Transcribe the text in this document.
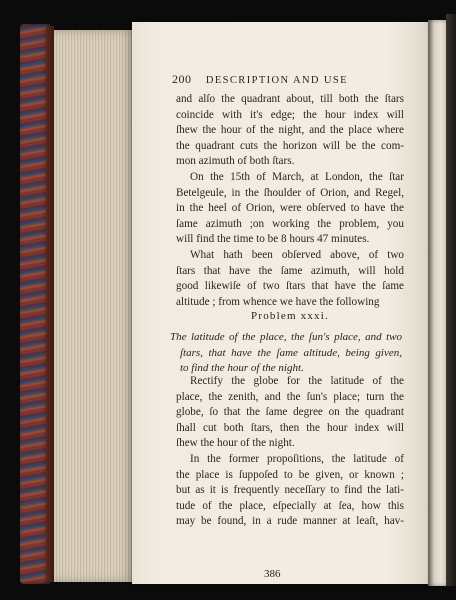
200 DESCRIPTION AND USE
and alſo the quadrant about, till both the ſtars
coincide with it's edge; the hour index will
ſhew the hour of the night, and the place where
the quadrant cuts the horizon will be the com-
mon azimuth of both ſtars.
On the 15th of March, at London, the ſtar
Betelgeule, in the ſhoulder of Orion, and Regel,
in the heel of Orion, were obſerved to have the
ſame azimuth ;on working the problem, you
will find the time to be 8 hours 47 minutes.
What hath been obſerved above, of two
ſtars that have the ſame azimuth, will hold
good likewiſe of two ſtars that have the ſame
altitude ; from whence we have the following
Problem xxxi.
The latitude of the place, the ſun's place, and two
ſtars, that have the ſame altitude, being given,
to find the hour of the night.
Rectify the globe for the latitude of the
place, the zenith, and the ſun's place; turn the
globe, ſo that the ſame degree on the quadrant
ſhall cut both ſtars, then the hour index will
ſhew the hour of the night.
In the former propoſitions, the latitude of
the place is ſuppoſed to be given, or known ;
but as it is frequently neceſſary to find the lati-
tude of the place, eſpecially at ſea, how this
may be found, in a rude manner at leaſt, hav-
386
